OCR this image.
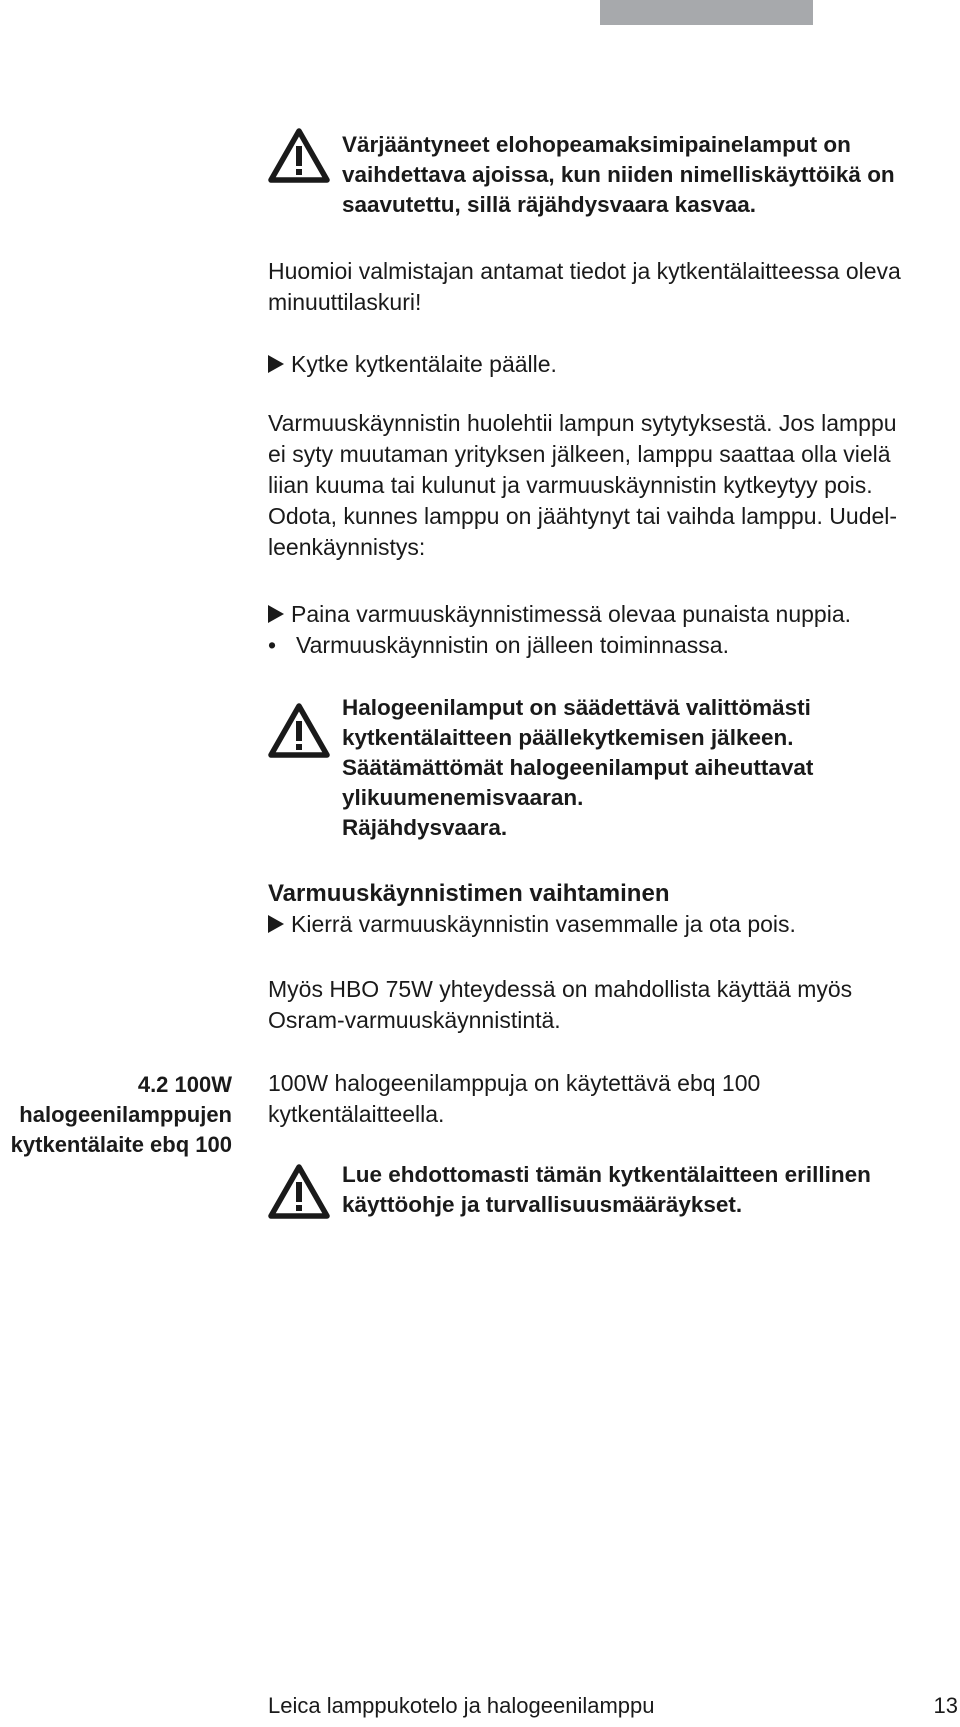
Värjääntyneet elohopeamaksimipainelamput on

vaihdettava ajoissa, kun niiden nimelliskäyttöikä on

saavutettu, sillä räjähdysvaara kasvaa.

Huomioi valmistajan antamat tiedot ja kytkentälaitteessa oleva

minuuttilaskuri!

Kytke kytkentälaite päälle.

Varmuuskäynnistin huolehtii lampun sytytyksestä. Jos lamppu

ei syty muutaman yrityksen jälkeen, lamppu saattaa olla vielä

liian kuuma tai kulunut ja varmuuskäynnistin kytkeytyy pois.

Odota, kunnes lamppu on jäähtynyt tai vaihda lamppu. Uudel-

leenkäynnistys:

Paina varmuuskäynnistimessä olevaa punaista nuppia.
• Varmuuskäynnistin on jälleen toiminnassa.

Halogeenilamput on säädettävä valittömästi

kytkentälaitteen päällekytkemisen jälkeen.

Säätämättömät halogeenilamput aiheuttavat

ylikuumenemisvaaran.

Räjähdysvaara.

Varmuuskäynnistimen vaihtaminen

Kierrä varmuuskäynnistin vasemmalle ja ota pois.

Myös HBO 75W yhteydessä on mahdollista käyttää myös

Osram-varmuuskäynnistintä.

4.2 100W
halogeenilamppujen
kytkentälaite ebq 100

100W halogeenilamppuja on käytettävä ebq 100

kytkentälaitteella.

Lue ehdottomasti tämän kytkentälaitteen erillinen

käyttöohje ja turvallisuusmääräykset.

Leica lamppukotelo ja halogeenilamppu	13
